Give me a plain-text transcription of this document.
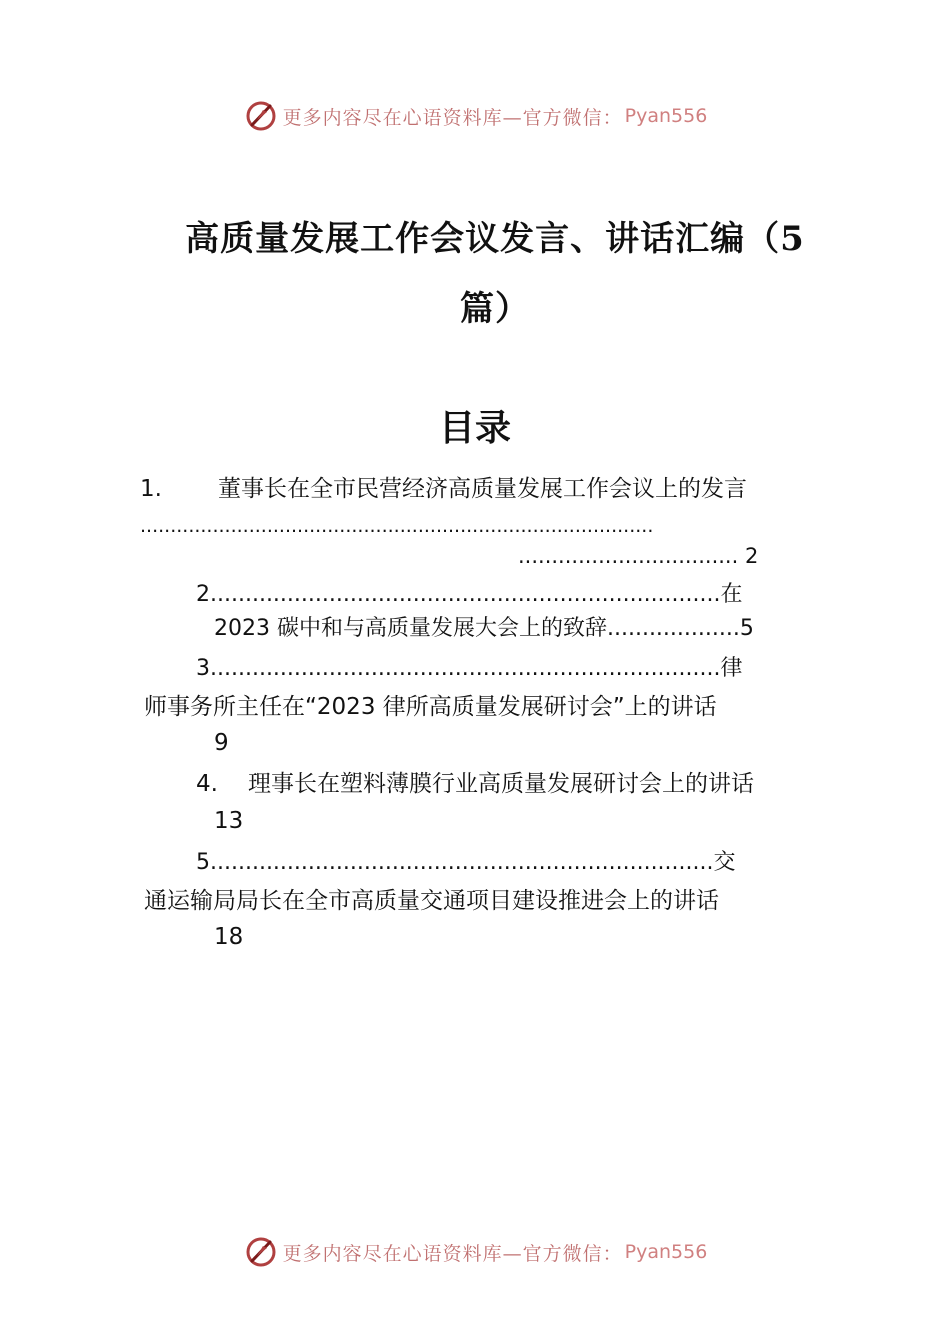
更多内容尽在心语资料库—官方微信： Pyan556
高质量发展工作会议发言、讲话汇编（5
篇）
目录
1. 董事长在全市民营经济高质量发展工作会议上的发言
.....................................................................................
................................. 2
2.........................................................................在
2023 碳中和与高质量发展大会上的致辞...................5
3.........................................................................律
师事务所主任在“2023 律所高质量发展研讨会”上的讲话
9
4. 理事长在塑料薄膜行业高质量发展研讨会上的讲话
13
5........................................................................交
通运输局局长在全市高质量交通项目建设推进会上的讲话
18
更多内容尽在心语资料库—官方微信： Pyan556
